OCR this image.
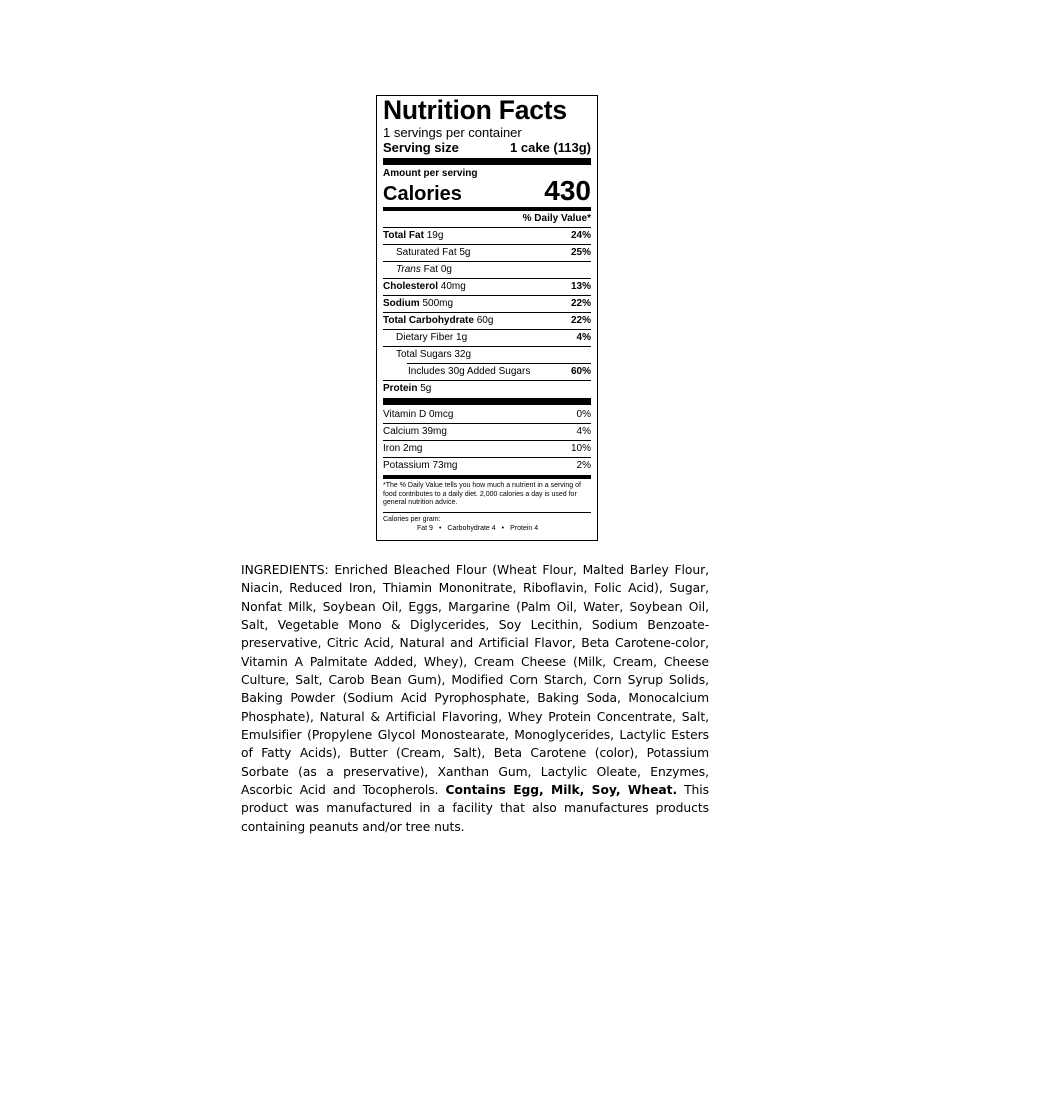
Nutrition Facts
1 servings per container
Serving size	1 cake (113g)
Amount per serving
Calories	430
% Daily Value*
Total Fat 19g	24%
Saturated Fat 5g	25%
Trans Fat 0g
Cholesterol 40mg	13%
Sodium 500mg	22%
Total Carbohydrate 60g	22%
Dietary Fiber 1g	4%
Total Sugars 32g
Includes 30g Added Sugars	60%
Protein 5g
Vitamin D 0mcg	0%
Calcium 39mg	4%
Iron 2mg	10%
Potassium 73mg	2%
*The % Daily Value tells you how much a nutrient in a serving of food contributes to a daily diet. 2,000 calories a day is used for general nutrition advice.
Calories per gram:
Fat 9 • Carbohydrate 4 • Protein 4
INGREDIENTS: Enriched Bleached Flour (Wheat Flour, Malted Barley Flour, Niacin, Reduced Iron, Thiamin Mononitrate, Riboflavin, Folic Acid), Sugar, Nonfat Milk, Soybean Oil, Eggs, Margarine (Palm Oil, Water, Soybean Oil, Salt, Vegetable Mono & Diglycerides, Soy Lecithin, Sodium Benzoate-preservative, Citric Acid, Natural and Artificial Flavor, Beta Carotene-color, Vitamin A Palmitate Added, Whey), Cream Cheese (Milk, Cream, Cheese Culture, Salt, Carob Bean Gum), Modified Corn Starch, Corn Syrup Solids, Baking Powder (Sodium Acid Pyrophosphate, Baking Soda, Monocalcium Phosphate), Natural & Artificial Flavoring, Whey Protein Concentrate, Salt, Emulsifier (Propylene Glycol Monostearate, Monoglycerides, Lactylic Esters of Fatty Acids), Butter (Cream, Salt), Beta Carotene (color), Potassium Sorbate (as a preservative), Xanthan Gum, Lactylic Oleate, Enzymes, Ascorbic Acid and Tocopherols. Contains Egg, Milk, Soy, Wheat. This product was manufactured in a facility that also manufactures products containing peanuts and/or tree nuts.
